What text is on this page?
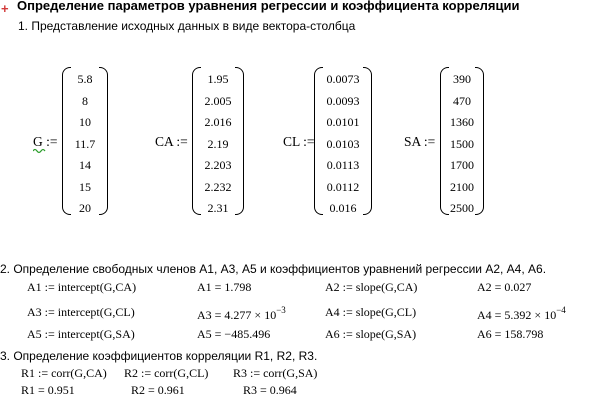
+ Определение параметров уравнения регрессии и коэффициента корреляции
1. Представление исходных данных в виде вектора-столбца
G :=
5.8
8
10
11.7
14
15
20
CA :=
1.95
2.005
2.016
2.19
2.203
2.232
2.31
CL :=
0.0073
0.0093
0.0101
0.0103
0.0113
0.0112
0.016
SA :=
390
470
1360
1500
1700
2100
2500
2. Определение свободных членов А1, А3, А5 и коэффициентов уравнений регрессии А2, А4, А6.
A1 := intercept(G,CA)	A1 = 1.798	A2 := slope(G,CA)	A2 = 0.027
A3 := intercept(G,CL)	$A3 = 4.277 \times 10^{-3}$	A4 := slope(G,CL)	$A4 = 5.392 \times 10^{-4}$
A5 := intercept(G,SA)	A5 = −485.496	A6 := slope(G,SA)	A6 = 158.798
3. Определение коэффициентов корреляции R1, R2, R3.
R1 := corr(G,CA) R2 := corr(G,CL) R3 := corr(G,SA)
R1 = 0.951	R2 = 0.961	R3 = 0.964
